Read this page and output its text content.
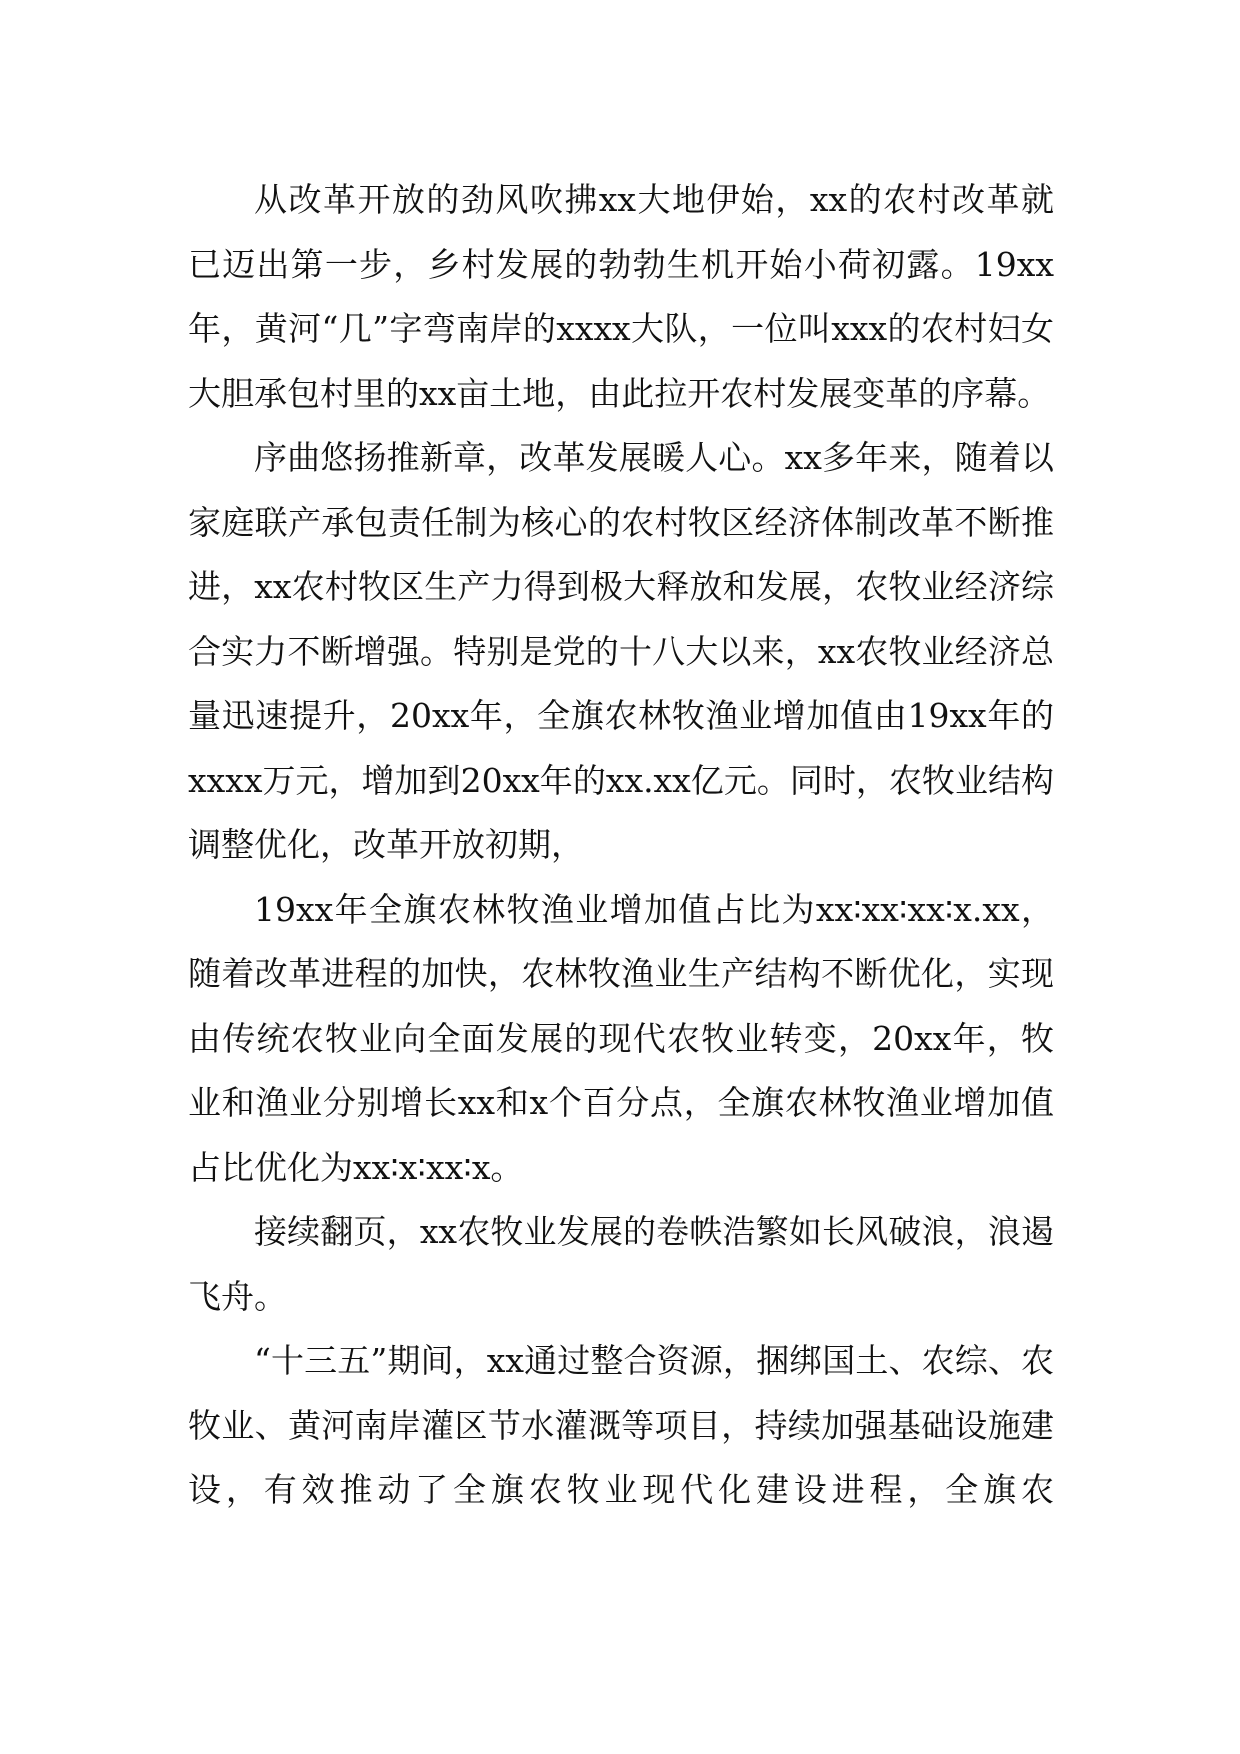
从改革开放的劲风吹拂xx大地伊始，xx的农村改革就已迈出第一步，乡村发展的勃勃生机开始小荷初露。19xx年，黄河“几”字弯南岸的xxxx大队，一位叫xxx的农村妇女大胆承包村里的xx亩土地，由此拉开农村发展变革的序幕。

序曲悠扬推新章，改革发展暖人心。xx多年来，随着以家庭联产承包责任制为核心的农村牧区经济体制改革不断推进，xx农村牧区生产力得到极大释放和发展，农牧业经济综合实力不断增强。特别是党的十八大以来，xx农牧业经济总量迅速提升，20xx年，全旗农林牧渔业增加值由19xx年的xxxx万元，增加到20xx年的xx.xx亿元。同时，农牧业结构调整优化，改革开放初期，

19xx年全旗农林牧渔业增加值占比为xx∶xx∶xx∶x.xx，随着改革进程的加快，农林牧渔业生产结构不断优化，实现由传统农牧业向全面发展的现代农牧业转变，20xx年，牧业和渔业分别增长xx和x个百分点，全旗农林牧渔业增加值占比优化为xx∶x∶xx∶x。

接续翻页，xx农牧业发展的卷帙浩繁如长风破浪，浪遏飞舟。

“十三五”期间，xx通过整合资源，捆绑国土、农综、农牧业、黄河南岸灌区节水灌溉等项目，持续加强基础设施建设，有效推动了全旗农牧业现代化建设进程，全旗农
